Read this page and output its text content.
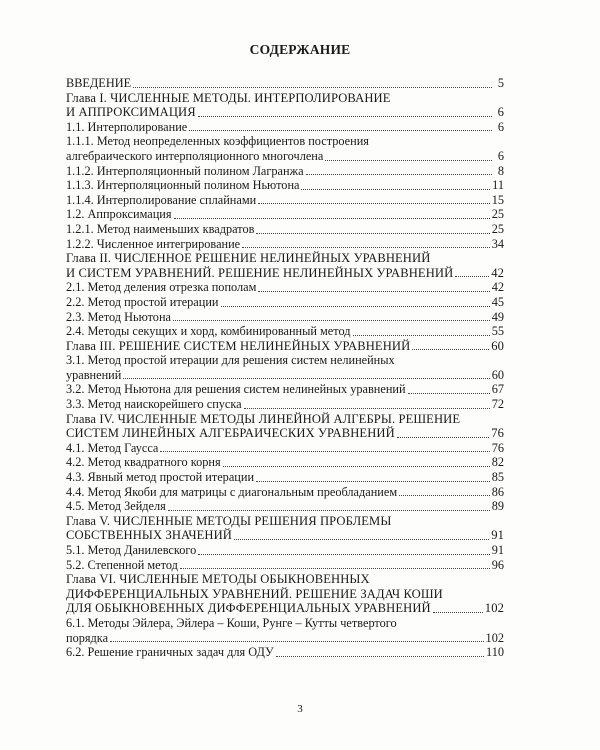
СОДЕРЖАНИЕ
ВВЕДЕНИЕ	5
Глава I. ЧИСЛЕННЫЕ МЕТОДЫ. ИНТЕРПОЛИРОВАНИЕ
И АППРОКСИМАЦИЯ	6
1.1. Интерполирование	6
1.1.1. Метод неопределенных коэффициентов построения
алгебраического интерполяционного многочлена	6
1.1.2. Интерполяционный полином Лагранжа	8
1.1.3. Интерполяционный полином Ньютона	11
1.1.4. Интерполирование сплайнами	15
1.2. Аппроксимация	25
1.2.1. Метод наименьших квадратов	25
1.2.2. Численное интегрирование	34
Глава II. ЧИСЛЕННОЕ РЕШЕНИЕ НЕЛИНЕЙНЫХ УРАВНЕНИЙ
И СИСТЕМ УРАВНЕНИЙ. РЕШЕНИЕ НЕЛИНЕЙНЫХ УРАВНЕНИЙ	42
2.1. Метод деления отрезка пополам	42
2.2. Метод простой итерации	45
2.3. Метод Ньютона	49
2.4. Методы секущих и хорд, комбинированный метод	55
Глава III. РЕШЕНИЕ СИСТЕМ НЕЛИНЕЙНЫХ УРАВНЕНИЙ	60
3.1. Метод простой итерации для решения систем нелинейных
уравнений	60
3.2. Метод Ньютона для решения систем нелинейных уравнений	67
3.3. Метод наискорейшего спуска	72
Глава IV. ЧИСЛЕННЫЕ МЕТОДЫ ЛИНЕЙНОЙ АЛГЕБРЫ. РЕШЕНИЕ
СИСТЕМ ЛИНЕЙНЫХ АЛГЕБРАИЧЕСКИХ УРАВНЕНИЙ	76
4.1. Метод Гаусса	76
4.2. Метод квадратного корня	82
4.3. Явный метод простой итерации	85
4.4. Метод Якоби для матрицы с диагональным преобладанием	86
4.5. Метод Зейделя	89
Глава V. ЧИСЛЕННЫЕ МЕТОДЫ РЕШЕНИЯ ПРОБЛЕМЫ
СОБСТВЕННЫХ ЗНАЧЕНИЙ	91
5.1. Метод Данилевского	91
5.2. Степенной метод	96
Глава VI. ЧИСЛЕННЫЕ МЕТОДЫ ОБЫКНОВЕННЫХ
ДИФФЕРЕНЦИАЛЬНЫХ УРАВНЕНИЙ. РЕШЕНИЕ ЗАДАЧ КОШИ
ДЛЯ ОБЫКНОВЕННЫХ ДИФФЕРЕНЦИАЛЬНЫХ УРАВНЕНИЙ	102
6.1. Методы Эйлера, Эйлера – Коши, Рунге – Кутты четвертого
порядка	102
6.2. Решение граничных задач для ОДУ	110
3
